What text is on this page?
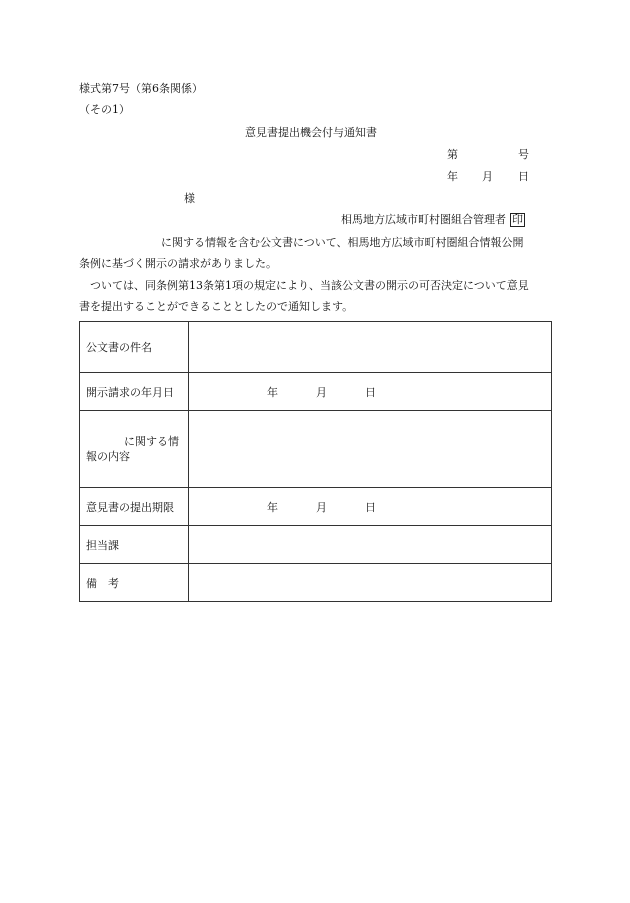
様式第7号（第6条関係）
（その1）
意見書提出機会付与通知書
第	号
年 月 日
様
相馬地方広域市町村圏組合管理者 印
に関する情報を含む公文書について、相馬地方広域市町村圏組合情報公開
条例に基づく開示の請求がありました。
ついては、同条例第13条第1項の規定により、当該公文書の開示の可否決定について意見
書を提出することができることとしたので通知します。
公文書の件名	
開示請求の年月日	年 月 日

に関する情
報の内容	

意見書の提出期限	年 月 日
担当課	
備　考	
